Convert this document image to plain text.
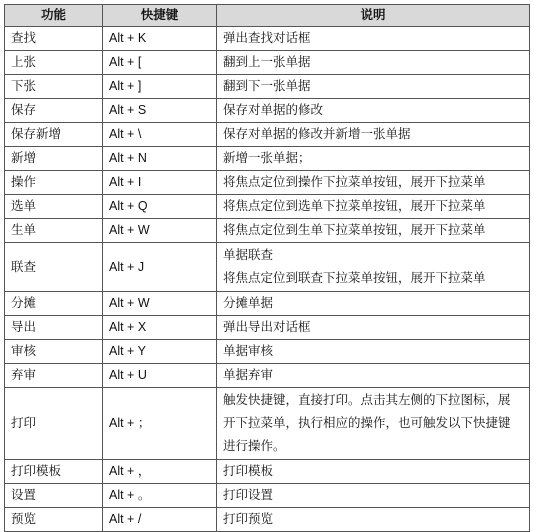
功能	快捷键	说明
查找	Alt + K	弹出查找对话框

上张	Alt + [	翻到上一张单据

下张	Alt + ]	翻到下一张单据

保存	Alt + S	保存对单据的修改

保存新增	Alt + \	保存对单据的修改并新增一张单据

新增	Alt + N	新增一张单据；

操作	Alt + I	将焦点定位到操作下拉菜单按钮，展开下拉菜单

选单	Alt + Q	将焦点定位到选单下拉菜单按钮，展开下拉菜单

生单	Alt + W	将焦点定位到生单下拉菜单按钮，展开下拉菜单

联查	Alt + J	单据联查
将焦点定位到联查下拉菜单按钮，展开下拉菜单

分摊	Alt + W	分摊单据

导出	Alt + X	弹出导出对话框

审核	Alt + Y	单据审核

弃审	Alt + U	单据弃审

打印	Alt + ；	触发快捷键，直接打印。点击其左侧的下拉图标，展
开下拉菜单，执行相应的操作，也可触发以下快捷键
进行操作。

打印模板	Alt + ，	打印模板

设置	Alt + 。	打印设置

预览	Alt + /	打印预览
